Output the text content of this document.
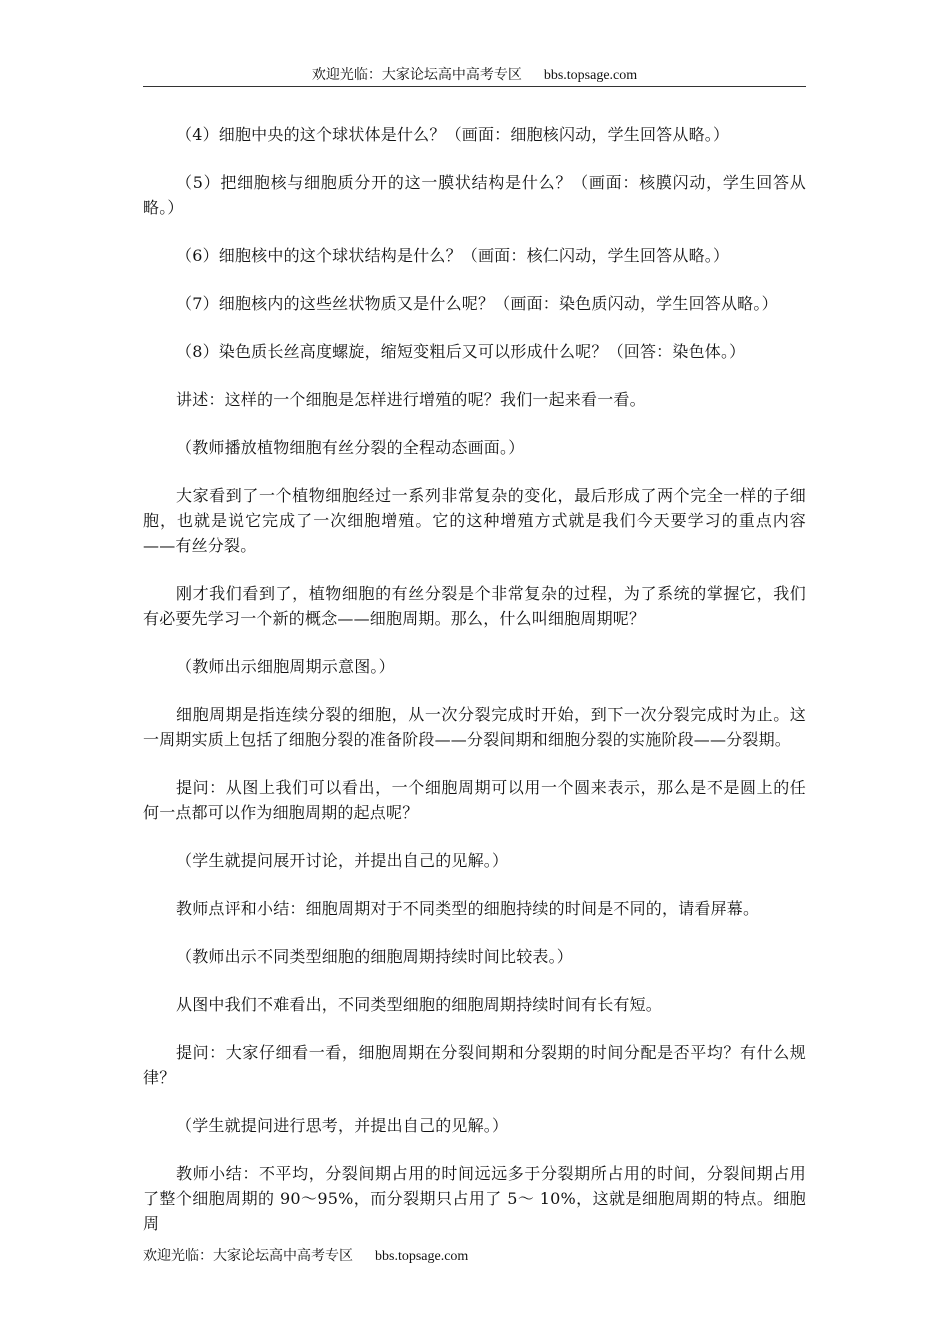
欢迎光临：大家论坛高中高考专区 bbs.topsage.com

（4）细胞中央的这个球状体是什么？（画面：细胞核闪动，学生回答从略。）

（5）把细胞核与细胞质分开的这一膜状结构是什么？（画面：核膜闪动，学生回答从略。）

（6）细胞核中的这个球状结构是什么？（画面：核仁闪动，学生回答从略。）

（7）细胞核内的这些丝状物质又是什么呢？（画面：染色质闪动，学生回答从略。）

（8）染色质长丝高度螺旋，缩短变粗后又可以形成什么呢？（回答：染色体。）

讲述：这样的一个细胞是怎样进行增殖的呢？我们一起来看一看。

（教师播放植物细胞有丝分裂的全程动态画面。）

大家看到了一个植物细胞经过一系列非常复杂的变化，最后形成了两个完全一样的子细胞，也就是说它完成了一次细胞增殖。它的这种增殖方式就是我们今天要学习的重点内容——有丝分裂。

刚才我们看到了，植物细胞的有丝分裂是个非常复杂的过程，为了系统的掌握它，我们有必要先学习一个新的概念——细胞周期。那么，什么叫细胞周期呢？

（教师出示细胞周期示意图。）

细胞周期是指连续分裂的细胞，从一次分裂完成时开始，到下一次分裂完成时为止。这一周期实质上包括了细胞分裂的准备阶段——分裂间期和细胞分裂的实施阶段——分裂期。

提问：从图上我们可以看出，一个细胞周期可以用一个圆来表示，那么是不是圆上的任何一点都可以作为细胞周期的起点呢？

（学生就提问展开讨论，并提出自己的见解。）

教师点评和小结：细胞周期对于不同类型的细胞持续的时间是不同的，请看屏幕。

（教师出示不同类型细胞的细胞周期持续时间比较表。）

从图中我们不难看出，不同类型细胞的细胞周期持续时间有长有短。

提问：大家仔细看一看，细胞周期在分裂间期和分裂期的时间分配是否平均？有什么规律？

（学生就提问进行思考，并提出自己的见解。）

教师小结：不平均，分裂间期占用的时间远远多于分裂期所占用的时间，分裂间期占用了整个细胞周期的 90～95%，而分裂期只占用了 5～ 10%，这就是细胞周期的特点。细胞周

欢迎光临：大家论坛高中高考专区 bbs.topsage.com
